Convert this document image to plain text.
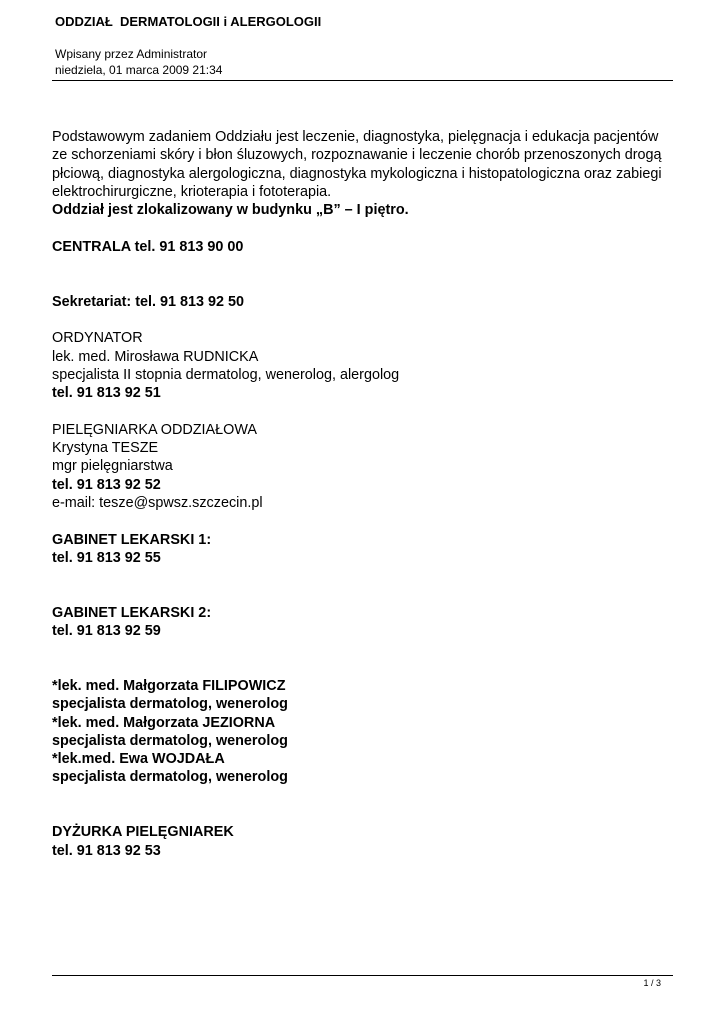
ODDZIAŁ  DERMATOLOGII i ALERGOLOGII
Wpisany przez Administrator
niedziela, 01 marca 2009 21:34

Podstawowym zadaniem Oddziału jest leczenie, diagnostyka, pielęgnacja i edukacja pacjentów

ze schorzeniami skóry i błon śluzowych, rozpoznawanie i leczenie chorób przenoszonych drogą

płciową, diagnostyka alergologiczna, diagnostyka mykologiczna i histopatologiczna oraz zabiegi

elektrochirurgiczne, krioterapia i fototerapia.

Oddział jest zlokalizowany w budynku „B” – I piętro.

CENTRALA tel. 91 813 90 00

Sekretariat: tel. 91 813 92 50

ORDYNATOR

lek. med. Mirosława RUDNICKA

specjalista II stopnia dermatolog, wenerolog, alergolog

tel. 91 813 92 51

PIELĘGNIARKA ODDZIAŁOWA

Krystyna TESZE

mgr pielęgniarstwa

tel. 91 813 92 52

e-mail: tesze@spwsz.szczecin.pl

GABINET LEKARSKI 1:

tel. 91 813 92 55

GABINET LEKARSKI 2:

tel. 91 813 92 59

*lek. med. Małgorzata FILIPOWICZ

specjalista dermatolog, wenerolog

*lek. med. Małgorzata JEZIORNA

specjalista dermatolog, wenerolog

*lek.med. Ewa WOJDAŁA

specjalista dermatolog, wenerolog

DYŻURKA PIELĘGNIAREK

tel. 91 813 92 53

1 / 3
